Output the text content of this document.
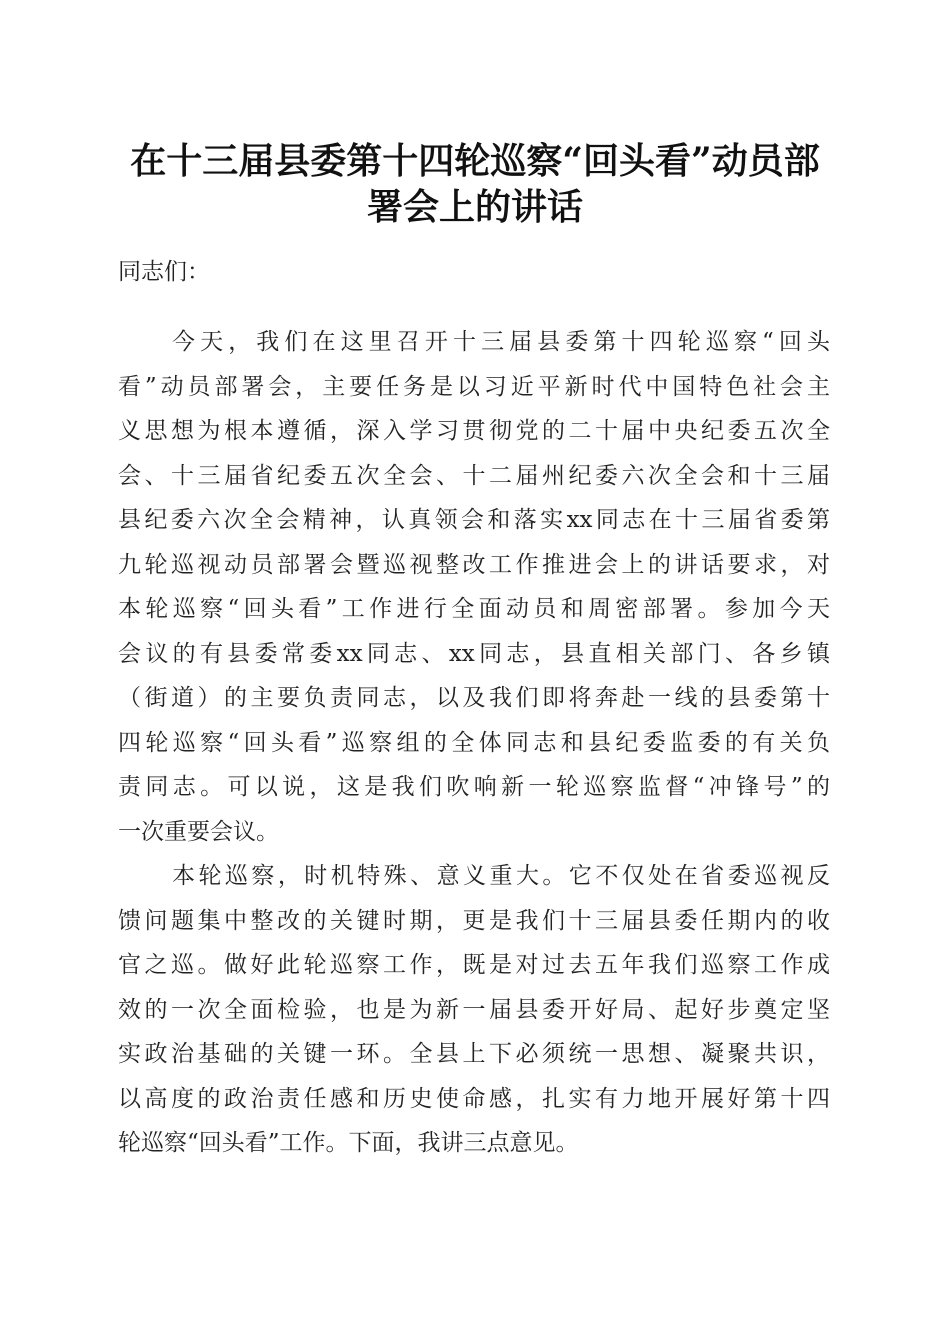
在十三届县委第十四轮巡察“回头看”动员部
署会上的讲话
同志们：
今天，我们在这里召开十三届县委第十四轮巡察“回头
看”动员部署会，主要任务是以习近平新时代中国特色社会主
义思想为根本遵循，深入学习贯彻党的二十届中央纪委五次全
会、十三届省纪委五次全会、十二届州纪委六次全会和十三届
县纪委六次全会精神，认真领会和落实xx同志在十三届省委第
九轮巡视动员部署会暨巡视整改工作推进会上的讲话要求，对
本轮巡察“回头看”工作进行全面动员和周密部署。参加今天
会议的有县委常委xx同志、xx同志，县直相关部门、各乡镇
（街道）的主要负责同志，以及我们即将奔赴一线的县委第十
四轮巡察“回头看”巡察组的全体同志和县纪委监委的有关负
责同志。可以说，这是我们吹响新一轮巡察监督“冲锋号”的
一次重要会议。
本轮巡察，时机特殊、意义重大。它不仅处在省委巡视反
馈问题集中整改的关键时期，更是我们十三届县委任期内的收
官之巡。做好此轮巡察工作，既是对过去五年我们巡察工作成
效的一次全面检验，也是为新一届县委开好局、起好步奠定坚
实政治基础的关键一环。全县上下必须统一思想、凝聚共识，
以高度的政治责任感和历史使命感，扎实有力地开展好第十四
轮巡察“回头看”工作。下面，我讲三点意见。
